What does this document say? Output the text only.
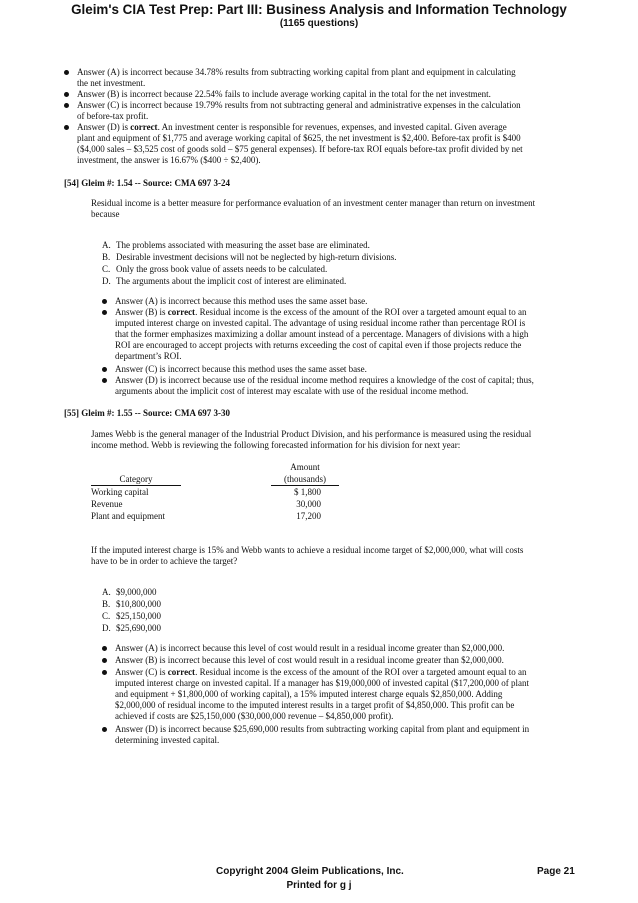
Gleim's CIA Test Prep: Part III: Business Analysis and Information Technology
(1165 questions)
Answer (A) is incorrect because 34.78% results from subtracting working capital from plant and equipment in calculating
the net investment.
Answer (B) is incorrect because 22.54% fails to include average working capital in the total for the net investment.
Answer (C) is incorrect because 19.79% results from not subtracting general and administrative expenses in the calculation
of before-tax profit.
Answer (D) is correct. An investment center is responsible for revenues, expenses, and invested capital. Given average
plant and equipment of $1,775 and average working capital of $625, the net investment is $2,400. Before-tax profit is $400
($4,000 sales – $3,525 cost of goods sold – $75 general expenses). If before-tax ROI equals before-tax profit divided by net
investment, the answer is 16.67% ($400 ÷ $2,400).
[54] Gleim #: 1.54 -- Source: CMA 697 3-24
Residual income is a better measure for performance evaluation of an investment center manager than return on investment
because
A. The problems associated with measuring the asset base are eliminated.
B. Desirable investment decisions will not be neglected by high-return divisions.
C. Only the gross book value of assets needs to be calculated.
D. The arguments about the implicit cost of interest are eliminated.
Answer (A) is incorrect because this method uses the same asset base.
Answer (B) is correct. Residual income is the excess of the amount of the ROI over a targeted amount equal to an
imputed interest charge on invested capital. The advantage of using residual income rather than percentage ROI is
that the former emphasizes maximizing a dollar amount instead of a percentage. Managers of divisions with a high
ROI are encouraged to accept projects with returns exceeding the cost of capital even if those projects reduce the
department’s ROI.
Answer (C) is incorrect because this method uses the same asset base.
Answer (D) is incorrect because use of the residual income method requires a knowledge of the cost of capital; thus,
arguments about the implicit cost of interest may escalate with use of the residual income method.
[55] Gleim #: 1.55 -- Source: CMA 697 3-30
James Webb is the general manager of the Industrial Product Division, and his performance is measured using the residual
income method. Webb is reviewing the following forecasted information for his division for next year:
Amount
Category	(thousands)
Working capital	$ 1,800
Revenue	30,000
Plant and equipment	17,200
If the imputed interest charge is 15% and Webb wants to achieve a residual income target of $2,000,000, what will costs
have to be in order to achieve the target?
A. $9,000,000
B. $10,800,000
C. $25,150,000
D. $25,690,000
Answer (A) is incorrect because this level of cost would result in a residual income greater than $2,000,000.
Answer (B) is incorrect because this level of cost would result in a residual income greater than $2,000,000.
Answer (C) is correct. Residual income is the excess of the amount of the ROI over a targeted amount equal to an
imputed interest charge on invested capital. If a manager has $19,000,000 of invested capital ($17,200,000 of plant
and equipment + $1,800,000 of working capital), a 15% imputed interest charge equals $2,850,000. Adding
$2,000,000 of residual income to the imputed interest results in a target profit of $4,850,000. This profit can be
achieved if costs are $25,150,000 ($30,000,000 revenue – $4,850,000 profit).
Answer (D) is incorrect because $25,690,000 results from subtracting working capital from plant and equipment in
determining invested capital.
Copyright 2004 Gleim Publications, Inc.	Page 21
Printed for g j
